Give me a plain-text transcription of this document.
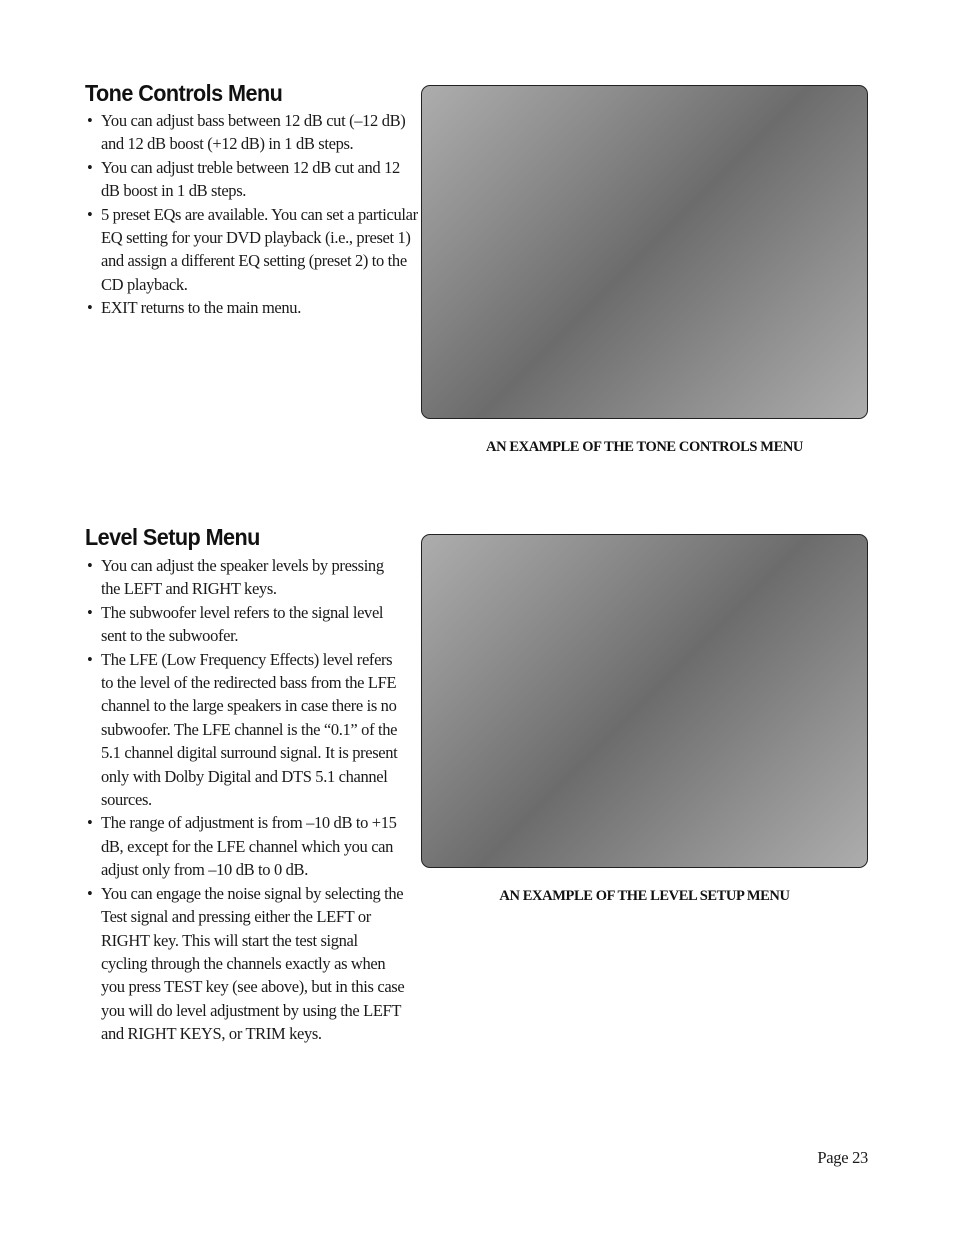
Tone Controls Menu
• You can adjust bass between 12 dB cut (–12 dB) and 12 dB boost (+12 dB) in 1 dB steps.
• You can adjust treble between 12 dB cut and 12 dB boost in 1 dB steps.
• 5 preset EQs are available. You can set a particular EQ setting for your DVD playback (i.e., preset 1) and assign a different EQ setting (preset 2) to the CD playback.
• EXIT returns to the main menu.

AN EXAMPLE OF THE TONE CONTROLS MENU

Level Setup Menu
• You can adjust the speaker levels by pressing the LEFT and RIGHT keys.
• The subwoofer level refers to the signal level sent to the subwoofer.
• The LFE (Low Frequency Effects) level refers to the level of the redirected bass from the LFE channel to the large speakers in case there is no subwoofer. The LFE channel is the “0.1” of the 5.1 channel digital surround signal. It is present only with Dolby Digital and DTS 5.1 channel sources.
• The range of adjustment is from –10 dB to +15 dB, except for the LFE channel which you can adjust only from –10 dB to 0 dB.
• You can engage the noise signal by selecting the Test signal and pressing either the LEFT or RIGHT key. This will start the test signal cycling through the channels exactly as when you press TEST key (see above), but in this case you will do level adjustment by using the LEFT and RIGHT KEYS, or TRIM keys.

AN EXAMPLE OF THE LEVEL SETUP MENU

Page 23
